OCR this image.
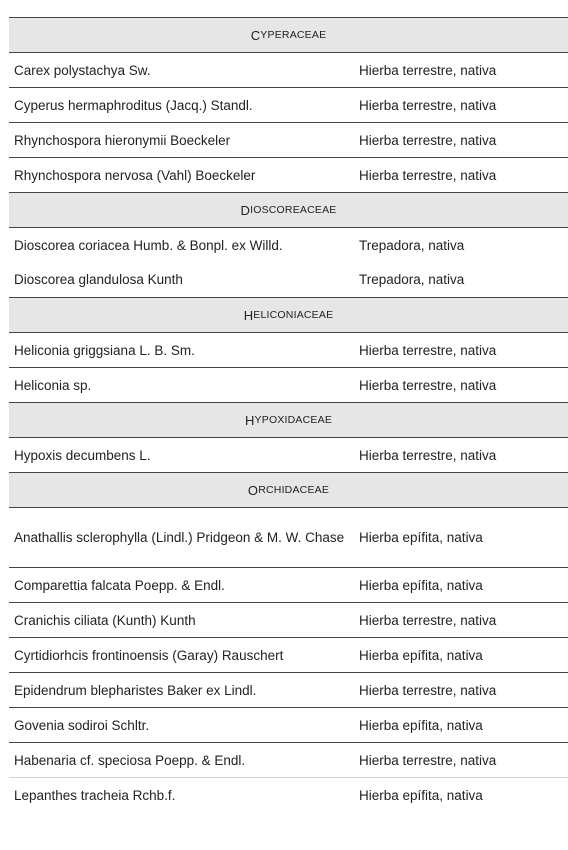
C YPERACEAE
Carex polystachya Sw.	Hierba terrestre, nativa
Cyperus hermaphroditus (Jacq.) Standl.	Hierba terrestre, nativa
Rhynchospora hieronymii Boeckeler	Hierba terrestre, nativa
Rhynchospora nervosa (Vahl) Boeckeler	Hierba terrestre, nativa
D IOSCOREACEAE
Dioscorea coriacea Humb. & Bonpl. ex Willd.	Trepadora, nativa
Dioscorea glandulosa Kunth	Trepadora, nativa
H ELICONIACEAE
Heliconia griggsiana L. B. Sm.	Hierba terrestre, nativa
Heliconia sp.	Hierba terrestre, nativa
H YPOXIDACEAE
Hypoxis decumbens L.	Hierba terrestre, nativa
O RCHIDACEAE
Anathallis sclerophylla (Lindl.) Pridgeon & M. W. Chase	Hierba epífita, nativa
Comparettia falcata Poepp. & Endl.	Hierba epífita, nativa
Cranichis ciliata (Kunth) Kunth	Hierba terrestre, nativa
Cyrtidiorhcis frontinoensis (Garay) Rauschert	Hierba epífita, nativa
Epidendrum blepharistes Baker ex Lindl.	Hierba terrestre, nativa
Govenia sodiroi Schltr.	Hierba epífita, nativa
Habenaria cf. speciosa Poepp. & Endl.	Hierba terrestre, nativa
Lepanthes tracheia Rchb.f.	Hierba epífita, nativa
